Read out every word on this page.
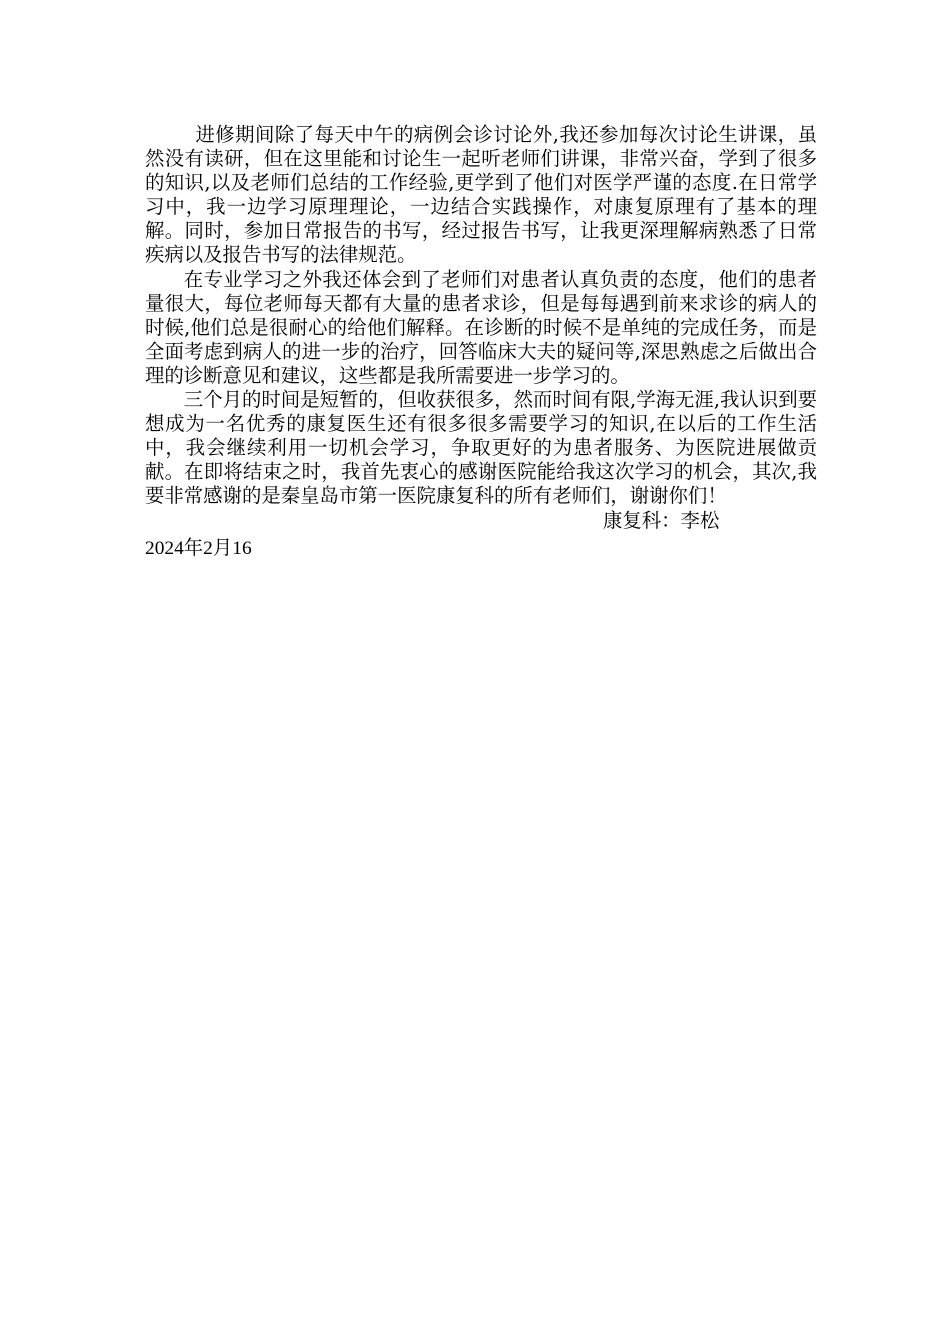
进修期间除了每天中午的病例会诊讨论外,我还参加每次讨论生讲课，虽然没有读研，但在这里能和讨论生一起听老师们讲课，非常兴奋，学到了很多的知识,以及老师们总结的工作经验,更学到了他们对医学严谨的态度.在日常学习中，我一边学习原理理论，一边结合实践操作，对康复原理有了基本的理解。同时，参加日常报告的书写，经过报告书写，让我更深理解病熟悉了日常疾病以及报告书写的法律规范。

在专业学习之外我还体会到了老师们对患者认真负责的态度，他们的患者量很大，每位老师每天都有大量的患者求诊，但是每每遇到前来求诊的病人的时候,他们总是很耐心的给他们解释。在诊断的时候不是单纯的完成任务，而是全面考虑到病人的进一步的治疗，回答临床大夫的疑问等,深思熟虑之后做出合理的诊断意见和建议，这些都是我所需要进一步学习的。

三个月的时间是短暂的，但收获很多，然而时间有限,学海无涯,我认识到要想成为一名优秀的康复医生还有很多很多需要学习的知识,在以后的工作生活中，我会继续利用一切机会学习，争取更好的为患者服务、为医院进展做贡献。在即将结束之时，我首先衷心的感谢医院能给我这次学习的机会，其次,我要非常感谢的是秦皇岛市第一医院康复科的所有老师们，谢谢你们！

康复科：李松

2024年2月16
